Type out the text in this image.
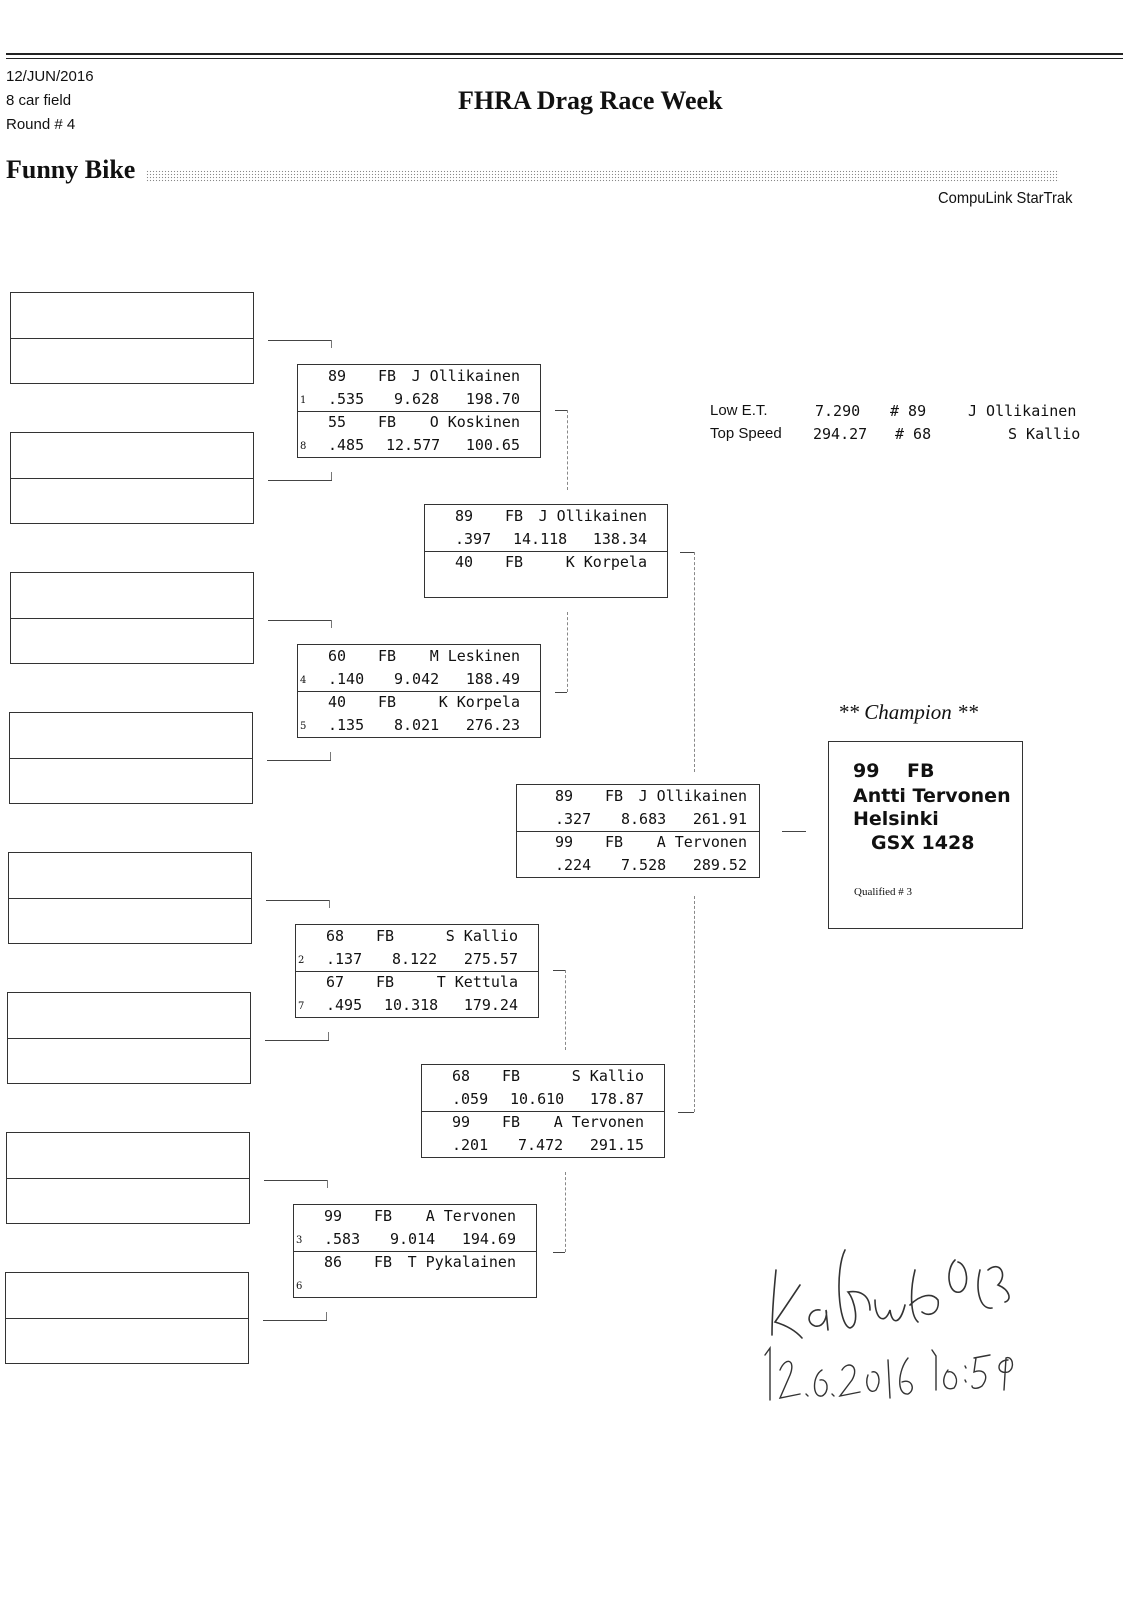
12/JUN/2016
8 car field
Round # 4
FHRA Drag Race Week
Funny Bike
CompuLink StarTrak
89 FB J Ollikainen
1 .535 9.628 198.70
55 FB O Koskinen
8 .485 12.577 100.65
60 FB M Leskinen
4 .140 9.042 188.49
40 FB	K Korpela
5 .135 8.021 276.23
68 FB	S Kallio
2 .137 8.122 275.57
67 FB	T Kettula
7 .495 10.318 179.24
99 FB A Tervonen
3 .583 9.014 194.69
86 FB T Pykalainen
6
89 FB J Ollikainen
.397 14.118 138.34
40 FB	K Korpela
68 FB	S Kallio
.059 10.610 178.87
99 FB A Tervonen
.201 7.472 291.15
89 FB J Ollikainen
.327 8.683 261.91
99 FB A Tervonen
.224 7.528 289.52
Low E.T.	7.290 # 89	J Ollikainen
Top Speed 294.27 # 68	S Kallio
** Champion **
99 FB
Antti Tervonen
Helsinki
GSX 1428
Qualified # 3
